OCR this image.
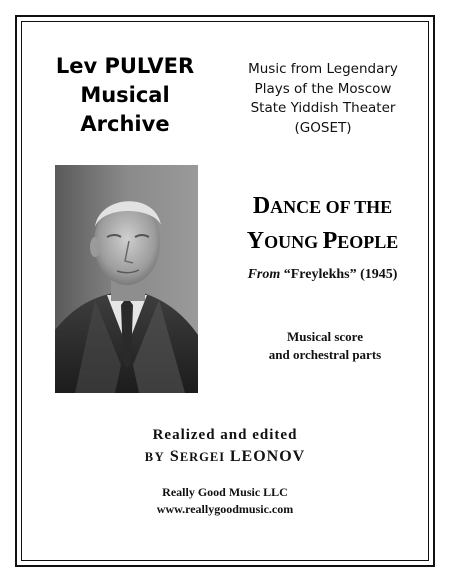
Lev PULVER
Musical
Archive
Music from Legendary
Plays of the Moscow
State Yiddish Theater
(GOSET)
DANCE OF THE
YOUNG PEOPLE
From “Freylekhs” (1945)
Musical score
and orchestral parts
Realized and edited
BY SERGEI LEONOV
Really Good Music LLC
www.reallygoodmusic.com
